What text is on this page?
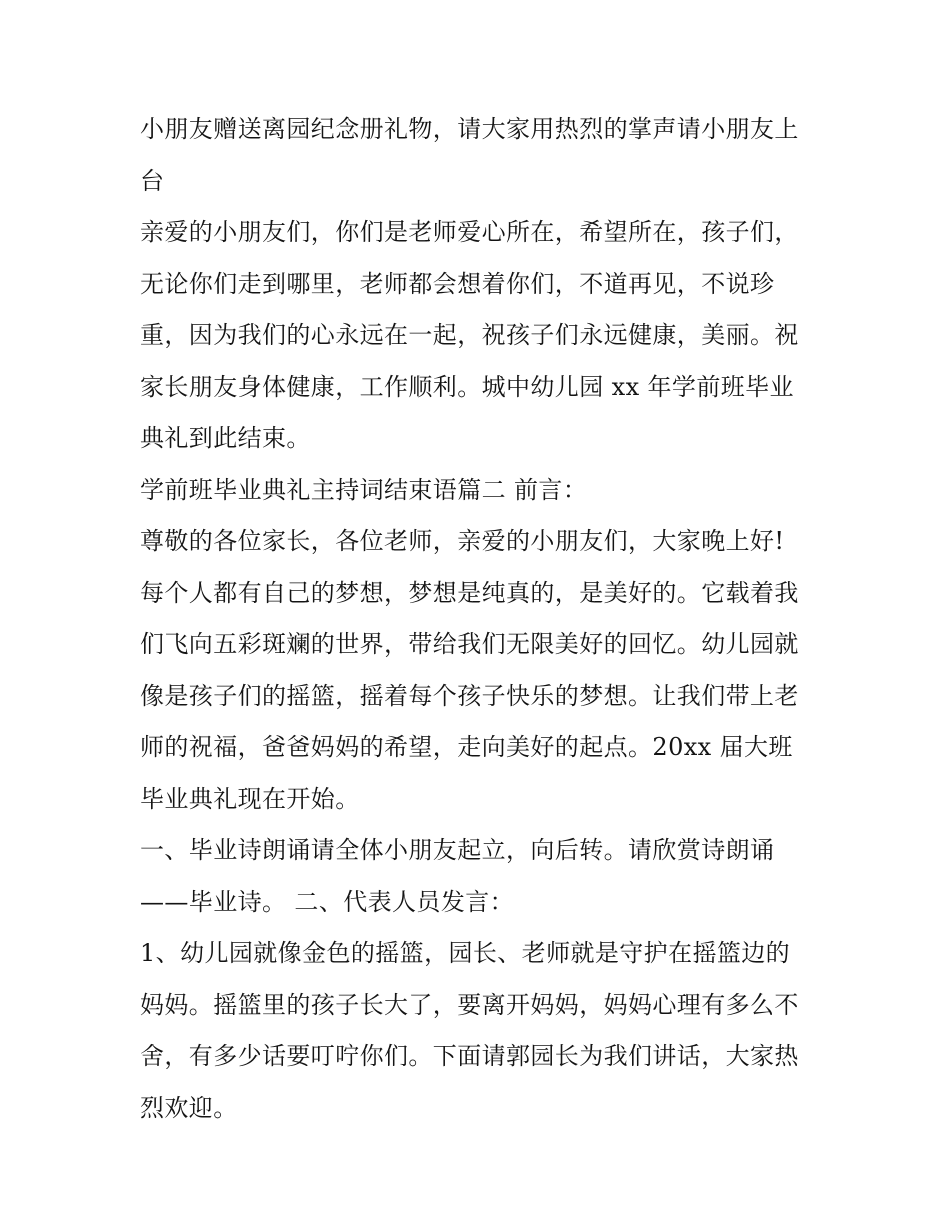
小朋友赠送离园纪念册礼物，请大家用热烈的掌声请小朋友上
台
亲爱的小朋友们，你们是老师爱心所在，希望所在，孩子们，
无论你们走到哪里，老师都会想着你们，不道再见，不说珍
重，因为我们的心永远在一起，祝孩子们永远健康，美丽。祝
家长朋友身体健康，工作顺利。城中幼儿园 xx 年学前班毕业
典礼到此结束。
学前班毕业典礼主持词结束语篇二 前言：
尊敬的各位家长，各位老师，亲爱的小朋友们，大家晚上好!
每个人都有自己的梦想，梦想是纯真的，是美好的。它载着我
们飞向五彩斑斓的世界，带给我们无限美好的回忆。幼儿园就
像是孩子们的摇篮，摇着每个孩子快乐的梦想。让我们带上老
师的祝福，爸爸妈妈的希望，走向美好的起点。20xx 届大班
毕业典礼现在开始。
一、毕业诗朗诵请全体小朋友起立，向后转。请欣赏诗朗诵
——毕业诗。 二、代表人员发言：
1、幼儿园就像金色的摇篮，园长、老师就是守护在摇篮边的
妈妈。摇篮里的孩子长大了，要离开妈妈，妈妈心理有多么不
舍，有多少话要叮咛你们。下面请郭园长为我们讲话，大家热
烈欢迎。
